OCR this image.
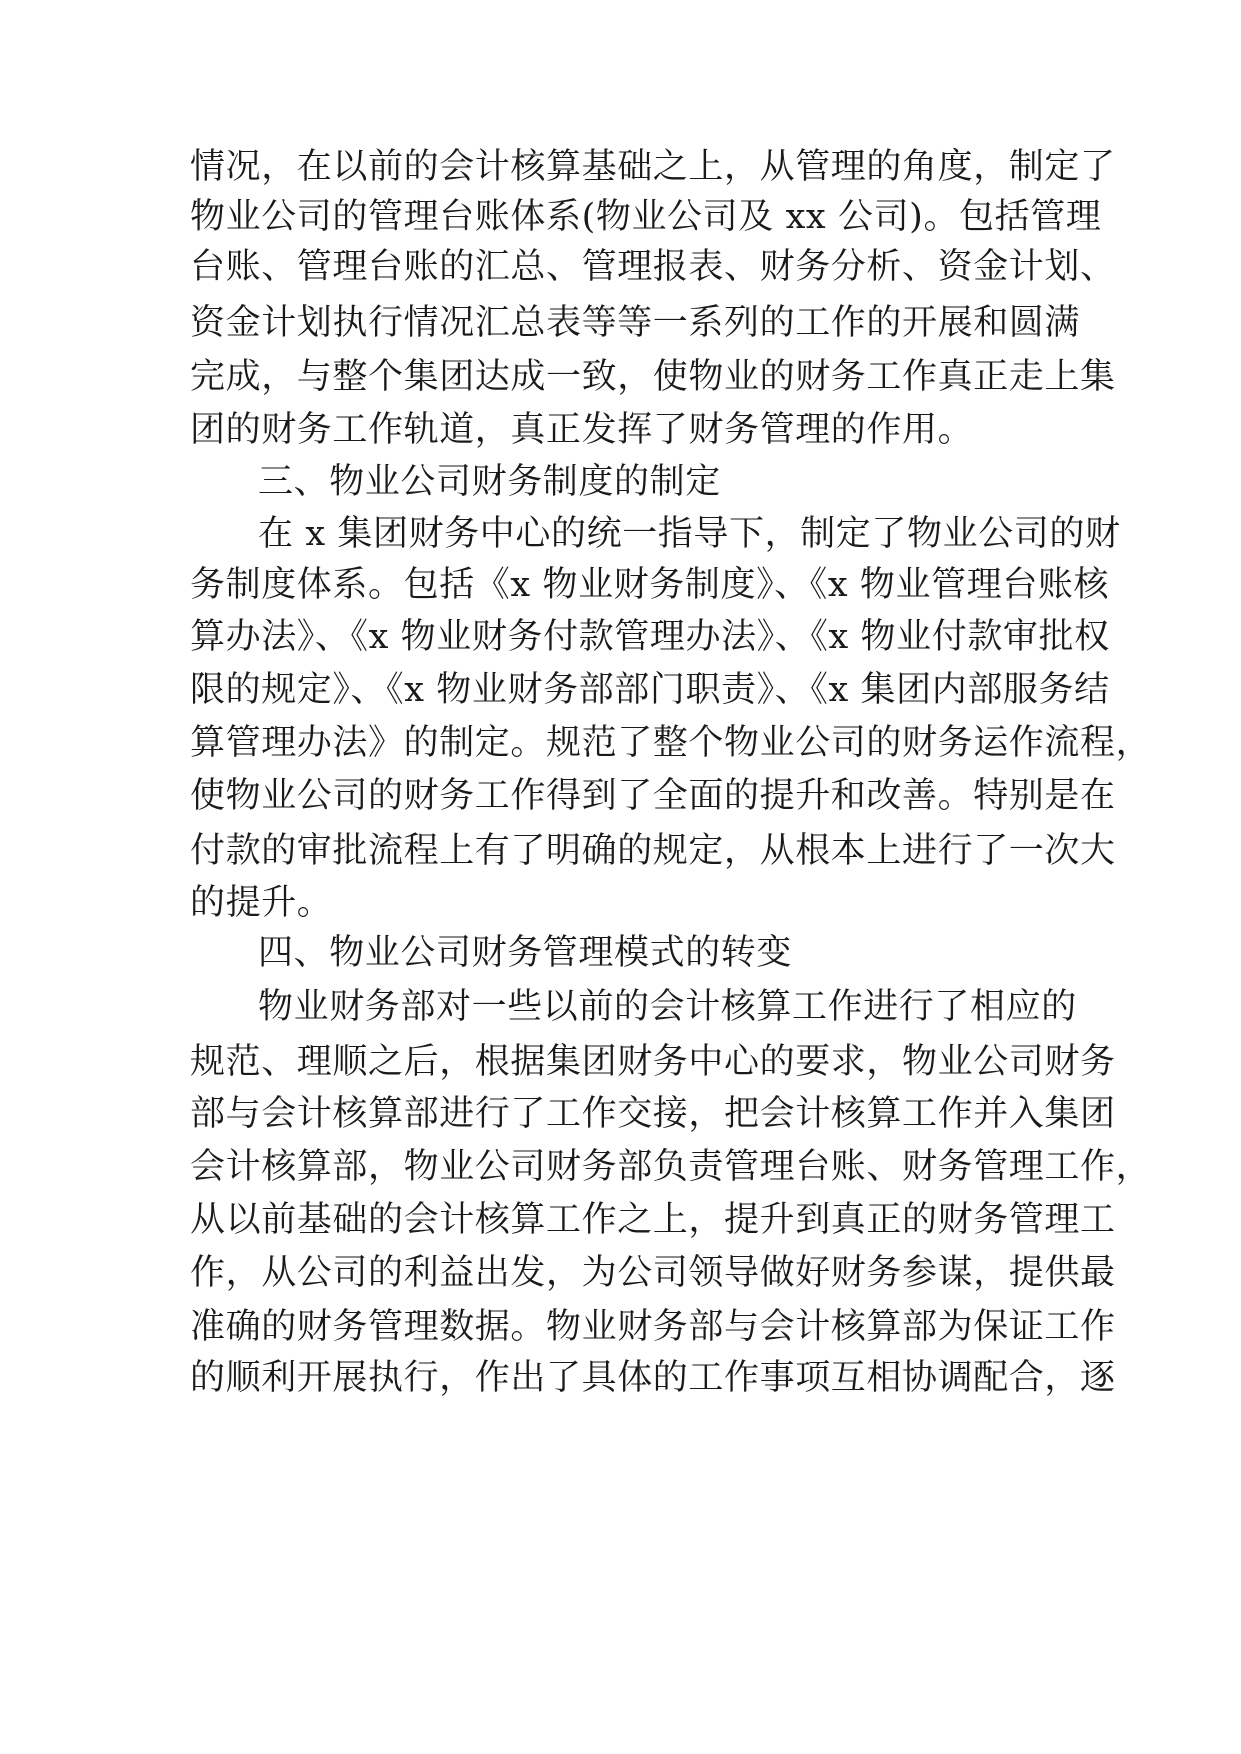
情况，在以前的会计核算基础之上，从管理的角度，制定了
物业公司的管理台账体系(物业公司及 xx 公司)。包括管理
台账、管理台账的汇总、管理报表、财务分析、资金计划、
资金计划执行情况汇总表等等一系列的工作的开展和圆满
完成，与整个集团达成一致，使物业的财务工作真正走上集
团的财务工作轨道，真正发挥了财务管理的作用。
三、物业公司财务制度的制定
在 x 集团财务中心的统一指导下，制定了物业公司的财
务制度体系。包括《x 物业财务制度》、《x 物业管理台账核
算办法》、《x 物业财务付款管理办法》、《x 物业付款审批权
限的规定》、《x 物业财务部部门职责》、《x 集团内部服务结
算管理办法》的制定。规范了整个物业公司的财务运作流程，
使物业公司的财务工作得到了全面的提升和改善。特别是在
付款的审批流程上有了明确的规定，从根本上进行了一次大
的提升。
四、物业公司财务管理模式的转变
物业财务部对一些以前的会计核算工作进行了相应的
规范、理顺之后，根据集团财务中心的要求，物业公司财务
部与会计核算部进行了工作交接，把会计核算工作并入集团
会计核算部，物业公司财务部负责管理台账、财务管理工作，
从以前基础的会计核算工作之上，提升到真正的财务管理工
作，从公司的利益出发，为公司领导做好财务参谋，提供最
准确的财务管理数据。物业财务部与会计核算部为保证工作
的顺利开展执行，作出了具体的工作事项互相协调配合，逐
